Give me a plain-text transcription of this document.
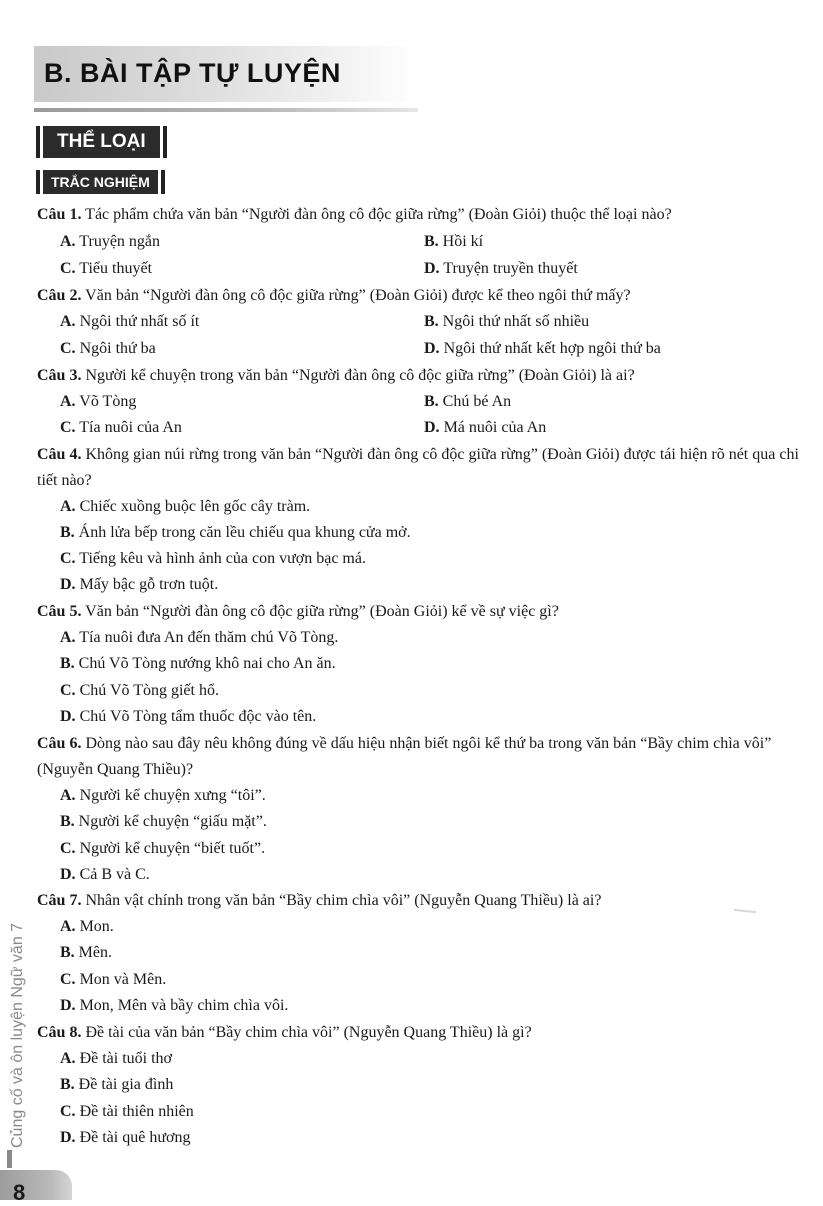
B. BÀI TẬP TỰ LUYỆN
THỂ LOẠI
TRẮC NGHIỆM
Câu 1. Tác phẩm chứa văn bản “Người đàn ông cô độc giữa rừng” (Đoàn Giỏi) thuộc thể loại nào?
A. Truyện ngắn	B. Hồi kí
C. Tiểu thuyết	D. Truyện truyền thuyết
Câu 2. Văn bản “Người đàn ông cô độc giữa rừng” (Đoàn Giỏi) được kể theo ngôi thứ mấy?
A. Ngôi thứ nhất số ít	B. Ngôi thứ nhất số nhiều
C. Ngôi thứ ba	D. Ngôi thứ nhất kết hợp ngôi thứ ba
Câu 3. Người kể chuyện trong văn bản “Người đàn ông cô độc giữa rừng” (Đoàn Giỏi) là ai?
A. Võ Tòng	B. Chú bé An
C. Tía nuôi của An	D. Má nuôi của An
Câu 4. Không gian núi rừng trong văn bản “Người đàn ông cô độc giữa rừng” (Đoàn Giỏi) được tái hiện rõ nét qua chi tiết nào?
A. Chiếc xuồng buộc lên gốc cây tràm.
B. Ánh lửa bếp trong căn lều chiếu qua khung cửa mở.
C. Tiếng kêu và hình ảnh của con vượn bạc má.
D. Mấy bậc gỗ trơn tuột.
Câu 5. Văn bản “Người đàn ông cô độc giữa rừng” (Đoàn Giỏi) kể về sự việc gì?
A. Tía nuôi đưa An đến thăm chú Võ Tòng.
B. Chú Võ Tòng nướng khô nai cho An ăn.
C. Chú Võ Tòng giết hổ.
D. Chú Võ Tòng tẩm thuốc độc vào tên.
Câu 6. Dòng nào sau đây nêu không đúng về dấu hiệu nhận biết ngôi kể thứ ba trong văn bản “Bầy chim chìa vôi” (Nguyễn Quang Thiều)?
A. Người kể chuyện xưng “tôi”.
B. Người kể chuyện “giấu mặt”.
C. Người kể chuyện “biết tuốt”.
D. Cả B và C.
Câu 7. Nhân vật chính trong văn bản “Bầy chim chìa vôi” (Nguyễn Quang Thiều) là ai?
A. Mon.
B. Mên.
C. Mon và Mên.
D. Mon, Mên và bầy chim chìa vôi.
Câu 8. Đề tài của văn bản “Bầy chim chìa vôi” (Nguyễn Quang Thiều) là gì?
A. Đề tài tuổi thơ
B. Đề tài gia đình
C. Đề tài thiên nhiên
D. Đề tài quê hương
Củng cố và ôn luyện Ngữ văn 7
8
